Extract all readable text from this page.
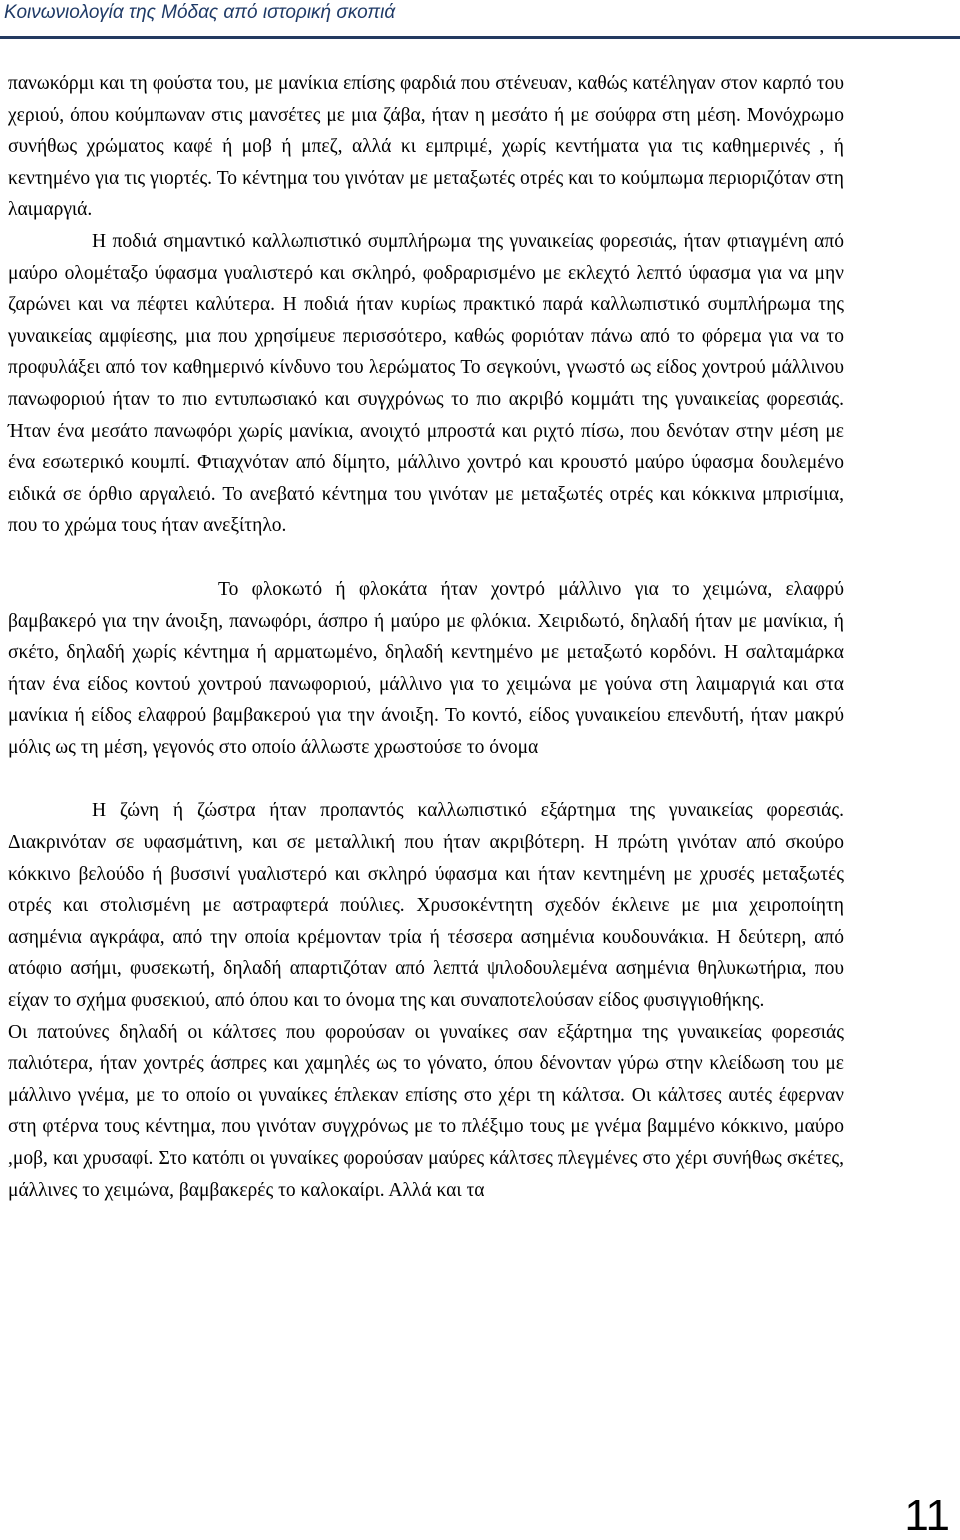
Κοινωνιολογία της Μόδας από ιστορική σκοπιά

πανωκόρμι και τη φούστα του, με μανίκια επίσης φαρδιά που στένευαν, καθώς κατέληγαν στον καρπό του χεριού, όπου κούμπωναν στις μανσέτες με μια ζάβα, ήταν η μεσάτο ή με σούφρα στη μέση. Μονόχρωμο συνήθως χρώματος καφέ ή μοβ ή μπεζ, αλλά κι εμπριμέ, χωρίς κεντήματα για τις καθημερινές , ή κεντημένο για τις γιορτές. Το κέντημα του γινόταν με μεταξωτές οτρές και το κούμπωμα περιοριζόταν στη λαιμαργιά.

Η ποδιά σημαντικό καλλωπιστικό συμπλήρωμα της γυναικείας φορεσιάς, ήταν φτιαγμένη από μαύρο ολομέταξο ύφασμα γυαλιστερό και σκληρό, φοδραρισμένο με εκλεχτό λεπτό ύφασμα για να μην ζαρώνει και να πέφτει καλύτερα. Η ποδιά ήταν κυρίως πρακτικό παρά καλλωπιστικό συμπλήρωμα της γυναικείας αμφίεσης, μια που χρησίμευε περισσότερο, καθώς φοριόταν πάνω από το φόρεμα για να το προφυλάξει από τον καθημερινό κίνδυνο του λερώματος Το σεγκούνι, γνωστό ως είδος χοντρού μάλλινου πανωφοριού ήταν το πιο εντυπωσιακό και συγχρόνως το πιο ακριβό κομμάτι της γυναικείας φορεσιάς. Ήταν ένα μεσάτο πανωφόρι χωρίς μανίκια, ανοιχτό μπροστά και ριχτό πίσω, που δενόταν στην μέση με ένα εσωτερικό κουμπί. Φτιαχνόταν από δίμητο, μάλλινο χοντρό και κρουστό μαύρο ύφασμα δουλεμένο ειδικά σε όρθιο αργαλειό. Το ανεβατό κέντημα του γινόταν με μεταξωτές οτρές και κόκκινα μπρισίμια, που το χρώμα τους ήταν ανεξίτηλο.

Το φλοκωτό ή φλοκάτα ήταν χοντρό μάλλινο για το χειμώνα, ελαφρύ βαμβακερό για την άνοιξη, πανωφόρι, άσπρο ή μαύρο με φλόκια. Χειριδωτό, δηλαδή ήταν με μανίκια, ή σκέτο, δηλαδή χωρίς κέντημα ή αρματωμένο, δηλαδή κεντημένο με μεταξωτό κορδόνι. Η σαλταμάρκα ήταν ένα είδος κοντού χοντρού πανωφοριού, μάλλινο για το χειμώνα με γούνα στη λαιμαργιά και στα μανίκια ή είδος ελαφρού βαμβακερού για την άνοιξη. Το κοντό, είδος γυναικείου επενδυτή, ήταν μακρύ μόλις ως τη μέση, γεγονός στο οποίο άλλωστε χρωστούσε το όνομα

Η ζώνη ή ζώστρα ήταν προπαντός καλλωπιστικό εξάρτημα της γυναικείας φορεσιάς. Διακρινόταν σε υφασμάτινη, και σε μεταλλική που ήταν ακριβότερη. Η πρώτη γινόταν από σκούρο κόκκινο βελούδο ή βυσσινί γυαλιστερό και σκληρό ύφασμα και ήταν κεντημένη με χρυσές μεταξωτές οτρές και στολισμένη με αστραφτερά πούλιες. Χρυσοκέντητη σχεδόν έκλεινε με μια χειροποίητη ασημένια αγκράφα, από την οποία κρέμονταν τρία ή τέσσερα ασημένια κουδουνάκια. Η δεύτερη, από ατόφιο ασήμι, φυσεκωτή, δηλαδή απαρτιζόταν από λεπτά ψιλοδουλεμένα ασημένια θηλυκωτήρια, που είχαν το σχήμα φυσεκιού, από όπου και το όνομα της και συναποτελούσαν είδος φυσιγγιοθήκης.

Οι πατούνες δηλαδή οι κάλτσες που φορούσαν οι γυναίκες σαν εξάρτημα της γυναικείας φορεσιάς παλιότερα, ήταν χοντρές άσπρες και χαμηλές ως το γόνατο, όπου δένονταν γύρω στην κλείδωση του με μάλλινο γνέμα, με το οποίο οι γυναίκες έπλεκαν επίσης στο χέρι τη κάλτσα. Οι κάλτσες αυτές έφερναν στη φτέρνα τους κέντημα, που γινόταν συγχρόνως με το πλέξιμο τους με γνέμα βαμμένο κόκκινο, μαύρο ,μοβ, και χρυσαφί. Στο κατόπι οι γυναίκες φορούσαν μαύρες κάλτσες πλεγμένες στο χέρι συνήθως σκέτες, μάλλινες το χειμώνα, βαμβακερές το καλοκαίρι. Αλλά και τα

11
